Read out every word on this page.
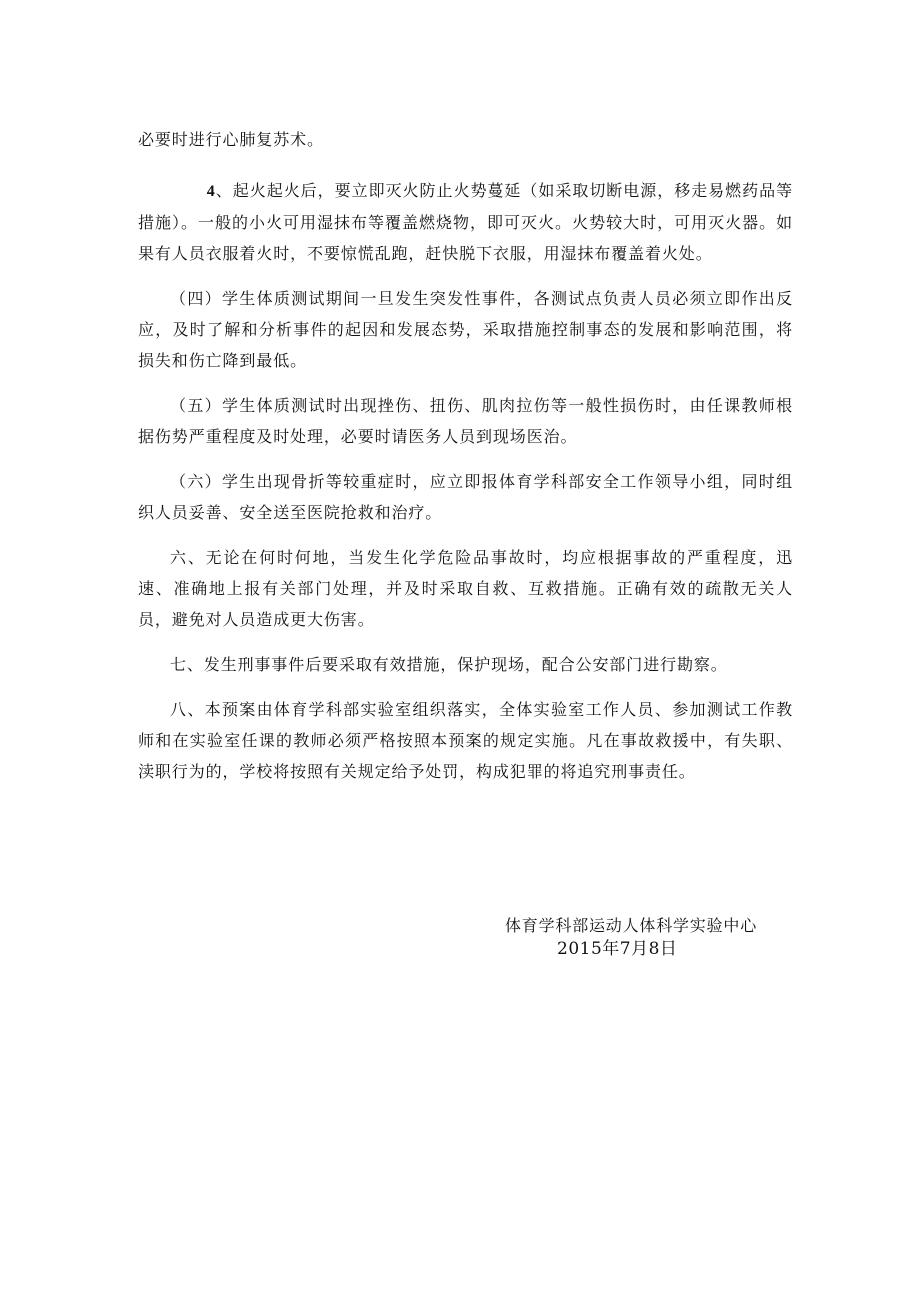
必要时进行心肺复苏术。

4、起火起火后，要立即灭火防止火势蔓延（如采取切断电源，移走易燃药品等措施）。一般的小火可用湿抹布等覆盖燃烧物，即可灭火。火势较大时，可用灭火器。如果有人员衣服着火时，不要惊慌乱跑，赶快脱下衣服，用湿抹布覆盖着火处。

（四）学生体质测试期间一旦发生突发性事件，各测试点负责人员必须立即作出反应，及时了解和分析事件的起因和发展态势，采取措施控制事态的发展和影响范围，将损失和伤亡降到最低。

（五）学生体质测试时出现挫伤、扭伤、肌肉拉伤等一般性损伤时，由任课教师根据伤势严重程度及时处理，必要时请医务人员到现场医治。

（六）学生出现骨折等较重症时，应立即报体育学科部安全工作领导小组，同时组织人员妥善、安全送至医院抢救和治疗。

六、无论在何时何地，当发生化学危险品事故时，均应根据事故的严重程度，迅速、准确地上报有关部门处理，并及时采取自救、互救措施。正确有效的疏散无关人员，避免对人员造成更大伤害。

七、发生刑事事件后要采取有效措施，保护现场，配合公安部门进行勘察。

八、本预案由体育学科部实验室组织落实，全体实验室工作人员、参加测试工作教师和在实验室任课的教师必须严格按照本预案的规定实施。凡在事故救援中，有失职、渎职行为的，学校将按照有关规定给予处罚，构成犯罪的将追究刑事责任。

体育学科部运动人体科学实验中心
2015年7月8日
